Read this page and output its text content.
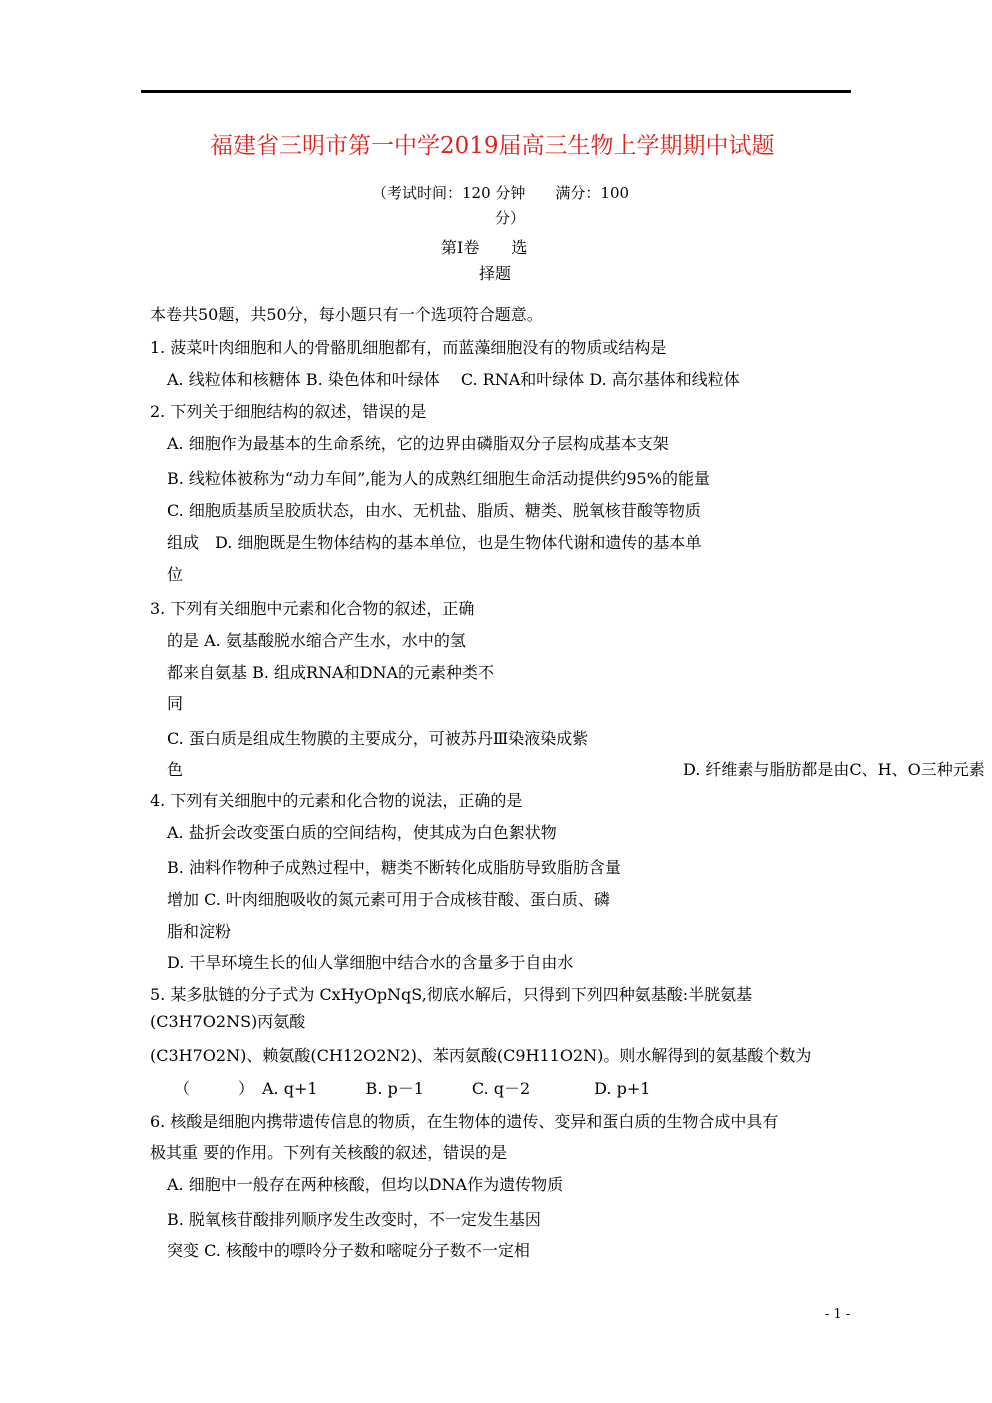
福建省三明市第一中学2019届高三生物上学期期中试题
（考试时间：120 分钟　　满分：100
分）
第Ⅰ卷　　选
择题
本卷共50题，共50分，每小题只有一个选项符合题意。
1. 菠菜叶肉细胞和人的骨骼肌细胞都有，而蓝藻细胞没有的物质或结构是
A. 线粒体和核糖体 B. 染色体和叶绿体　 C. RNA和叶绿体 D. 高尔基体和线粒体
2. 下列关于细胞结构的叙述，错误的是
A. 细胞作为最基本的生命系统，它的边界由磷脂双分子层构成基本支架
B. 线粒体被称为“动力车间”,能为人的成熟红细胞生命活动提供约95%的能量
C. 细胞质基质呈胶质状态，由水、无机盐、脂质、糖类、脱氧核苷酸等物质
组成　D. 细胞既是生物体结构的基本单位，也是生物体代谢和遗传的基本单
位
3. 下列有关细胞中元素和化合物的叙述，正确
的是 A. 氨基酸脱水缩合产生水，水中的氢
都来自氨基 B. 组成RNA和DNA的元素种类不
同
C. 蛋白质是组成生物膜的主要成分，可被苏丹Ⅲ染液染成紫
色	D. 纤维素与脂肪都是由C、H、O三种元素
4. 下列有关细胞中的元素和化合物的说法，正确的是
A. 盐折会改变蛋白质的空间结构，使其成为白色絮状物
B. 油料作物种子成熟过程中，糖类不断转化成脂肪导致脂肪含量
增加 C. 叶肉细胞吸收的氮元素可用于合成核苷酸、蛋白质、磷
脂和淀粉
D. 干旱环境生长的仙人掌细胞中结合水的含量多于自由水
5. 某多肽链的分子式为 CxHyOpNqS,彻底水解后，只得到下列四种氨基酸:半胱氨基
(C3H7O2NS)丙氨酸
(C3H7O2N)、赖氨酸(CH12O2N2)、苯丙氨酸(C9H11O2N)。则水解得到的氨基酸个数为
（　　　）　A. q+1　　　B. p－1　　　C. q－2　　　　D. p+1
6. 核酸是细胞内携带遗传信息的物质，在生物体的遗传、变异和蛋白质的生物合成中具有
极其重 要的作用。下列有关核酸的叙述，错误的是
A. 细胞中一般存在两种核酸，但均以DNA作为遗传物质
B. 脱氧核苷酸排列顺序发生改变时，不一定发生基因
突变 C. 核酸中的嘌呤分子数和嘧啶分子数不一定相
- 1 -
